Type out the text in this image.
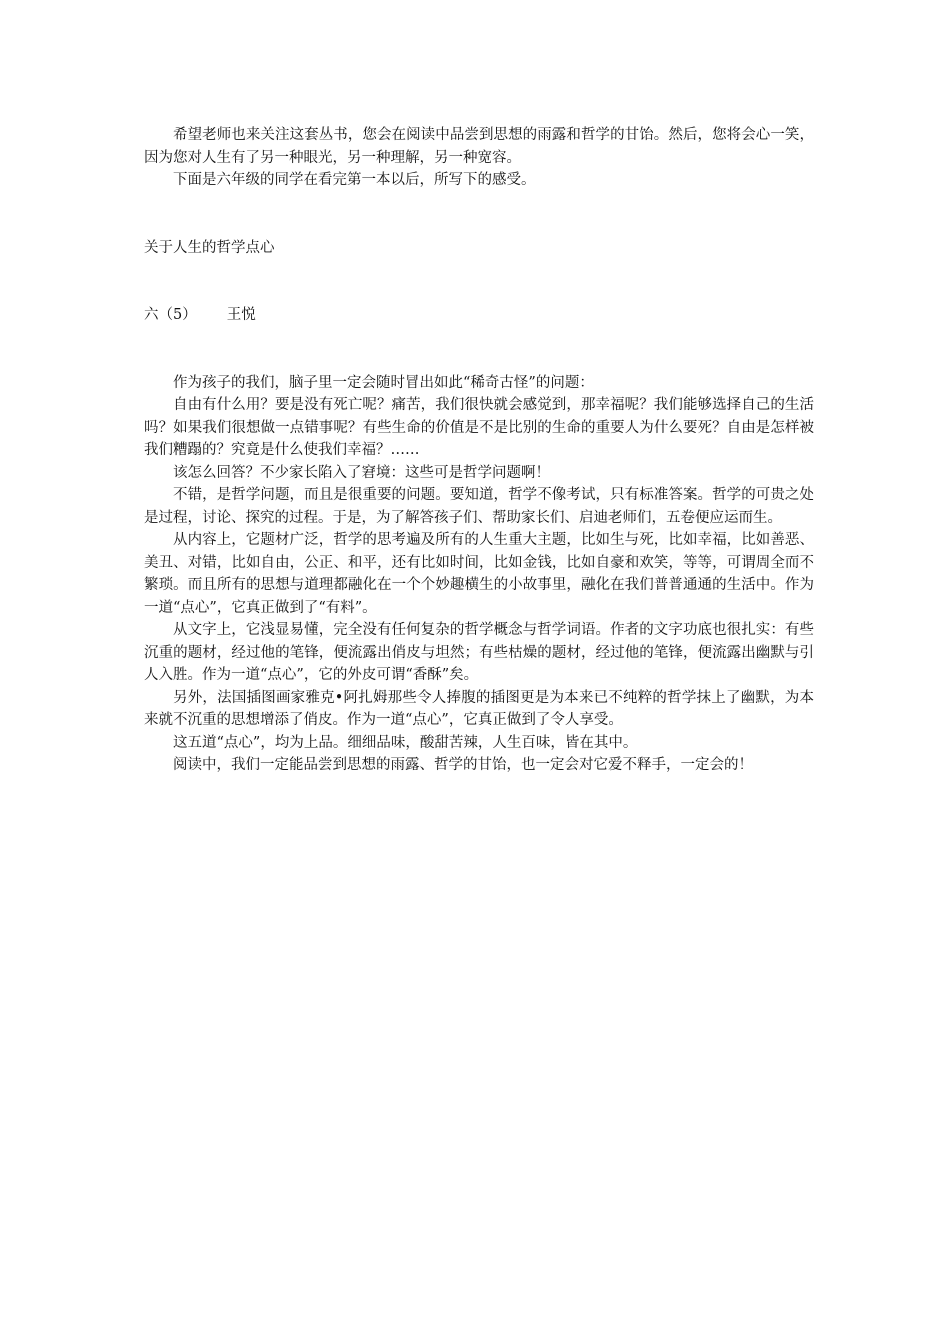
希望老师也来关注这套丛书，您会在阅读中品尝到思想的雨露和哲学的甘饴。然后，您将会心一笑，因为您对人生有了另一种眼光，另一种理解，另一种宽容。

下面是六年级的同学在看完第一本以后，所写下的感受。

关于人生的哲学点心

六（5） 王悦

作为孩子的我们，脑子里一定会随时冒出如此“稀奇古怪”的问题：

自由有什么用？要是没有死亡呢？痛苦，我们很快就会感觉到，那幸福呢？我们能够选择自己的生活吗？如果我们很想做一点错事呢？有些生命的价值是不是比别的生命的重要人为什么要死？自由是怎样被我们糟蹋的？究竟是什么使我们幸福？……

该怎么回答？不少家长陷入了窘境：这些可是哲学问题啊！

不错，是哲学问题，而且是很重要的问题。要知道，哲学不像考试，只有标准答案。哲学的可贵之处是过程，讨论、探究的过程。于是，为了解答孩子们、帮助家长们、启迪老师们，五卷便应运而生。

从内容上，它题材广泛，哲学的思考遍及所有的人生重大主题，比如生与死，比如幸福，比如善恶、美丑、对错，比如自由，公正、和平，还有比如时间，比如金钱，比如自豪和欢笑，等等，可谓周全而不繁琐。而且所有的思想与道理都融化在一个个妙趣横生的小故事里，融化在我们普普通通的生活中。作为一道“点心”，它真正做到了“有料”。

从文字上，它浅显易懂，完全没有任何复杂的哲学概念与哲学词语。作者的文字功底也很扎实：有些沉重的题材，经过他的笔锋，便流露出俏皮与坦然；有些枯燥的题材，经过他的笔锋，便流露出幽默与引人入胜。作为一道“点心”，它的外皮可谓“香酥”矣。

另外，法国插图画家雅克•阿扎姆那些令人捧腹的插图更是为本来已不纯粹的哲学抹上了幽默，为本来就不沉重的思想增添了俏皮。作为一道“点心”，它真正做到了令人享受。

这五道“点心”，均为上品。细细品味，酸甜苦辣，人生百味，皆在其中。

阅读中，我们一定能品尝到思想的雨露、哲学的甘饴，也一定会对它爱不释手，一定会的！
